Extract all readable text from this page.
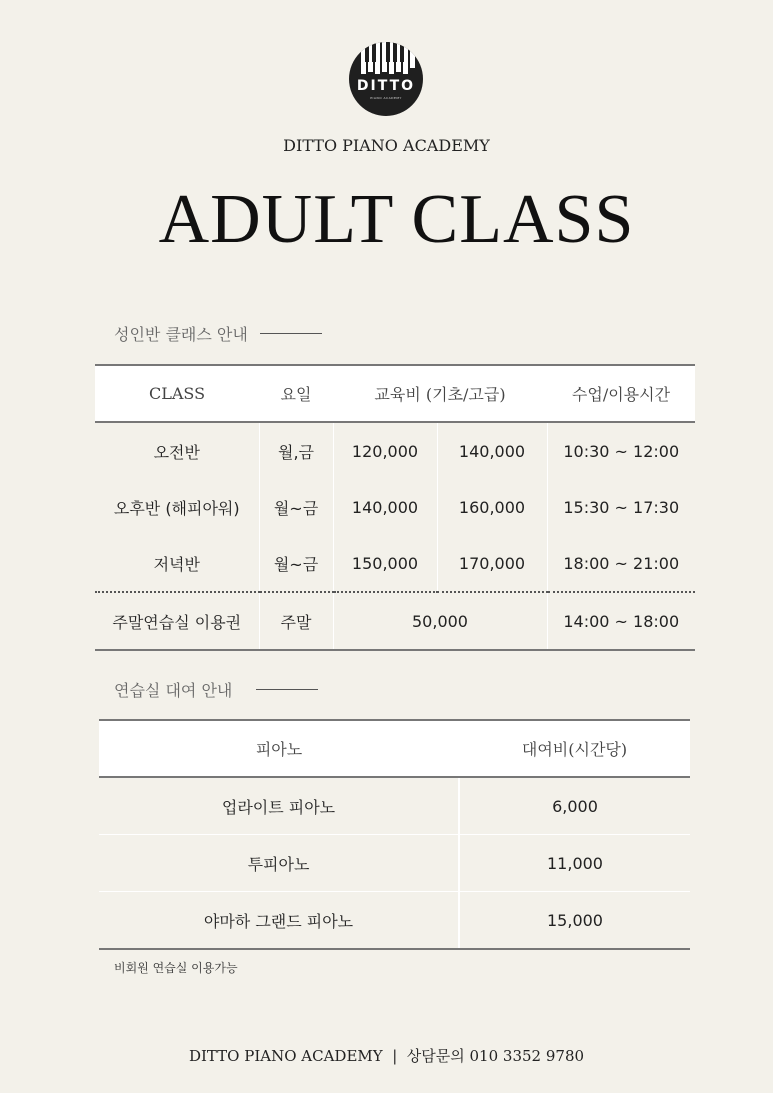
DITTO
PIANO ACADEMY
DITTO PIANO ACADEMY
ADULT CLASS
성인반 클래스 안내
CLASS	요일	교육비 (기초/고급)		수업/이용시간
오전반	월,금	120,000	140,000	10:30 ~ 12:00
오후반 (해피아워)	월~금	140,000	160,000	15:30 ~ 17:30
저녁반	월~금	150,000	170,000	18:00 ~ 21:00
주말연습실 이용권	주말	50,000		14:00 ~ 18:00
연습실 대여 안내
피아노	대여비(시간당)
업라이트 피아노	6,000
투피아노	11,000
야마하 그랜드 피아노	15,000
비회원 연습실 이용가능
DITTO PIANO ACADEMY  |  상담문의 010 3352 9780
